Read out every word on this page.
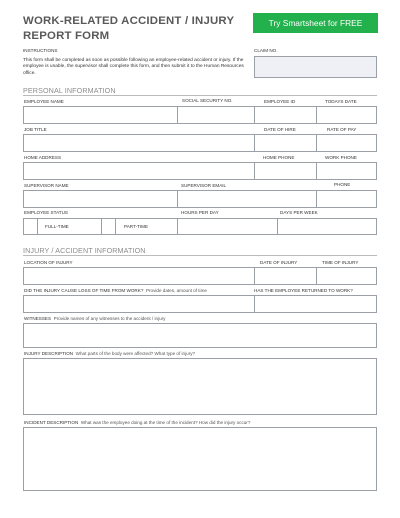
WORK-RELATED ACCIDENT / INJURY REPORT FORM
Try Smartsheet for FREE
INSTRUCTIONS
This form shall be completed as soon as possible following an employee-related accident or injury. If the employee is unable, the supervisor shall complete this form, and then submit it to the Human Resources office.
CLAIM NO.
PERSONAL INFORMATION
EMPLOYEE NAME	SOCIAL SECURITY NO.	EMPLOYEE ID	TODAYS DATE
JOB TITLE	DATE OF HIRE	RATE OF PAY
HOME ADDRESS	HOME PHONE	WORK PHONE
SUPERVISOR NAME	SUPERVISOR EMAIL	PHONE
EMPLOYEE STATUS	HOURS PER DAY	DAYS PER WEEK
FULL-TIME	PART-TIME
INJURY / ACCIDENT INFORMATION
LOCATION OF INJURY	DATE OF INJURY	TIME OF INJURY
DID THE INJURY CAUSE LOSS OF TIME FROM WORK? Provide dates, amount of time	HAS THE EMPLOYEE RETURNED TO WORK?
WITNESSES Provide names of any witnesses to the accident / injury
INJURY DESCRIPTION What parts of the body were affected? What type of injury?
INCIDENT DESCRIPTION What was the employee doing at the time of the incident? How did the injury occur?
